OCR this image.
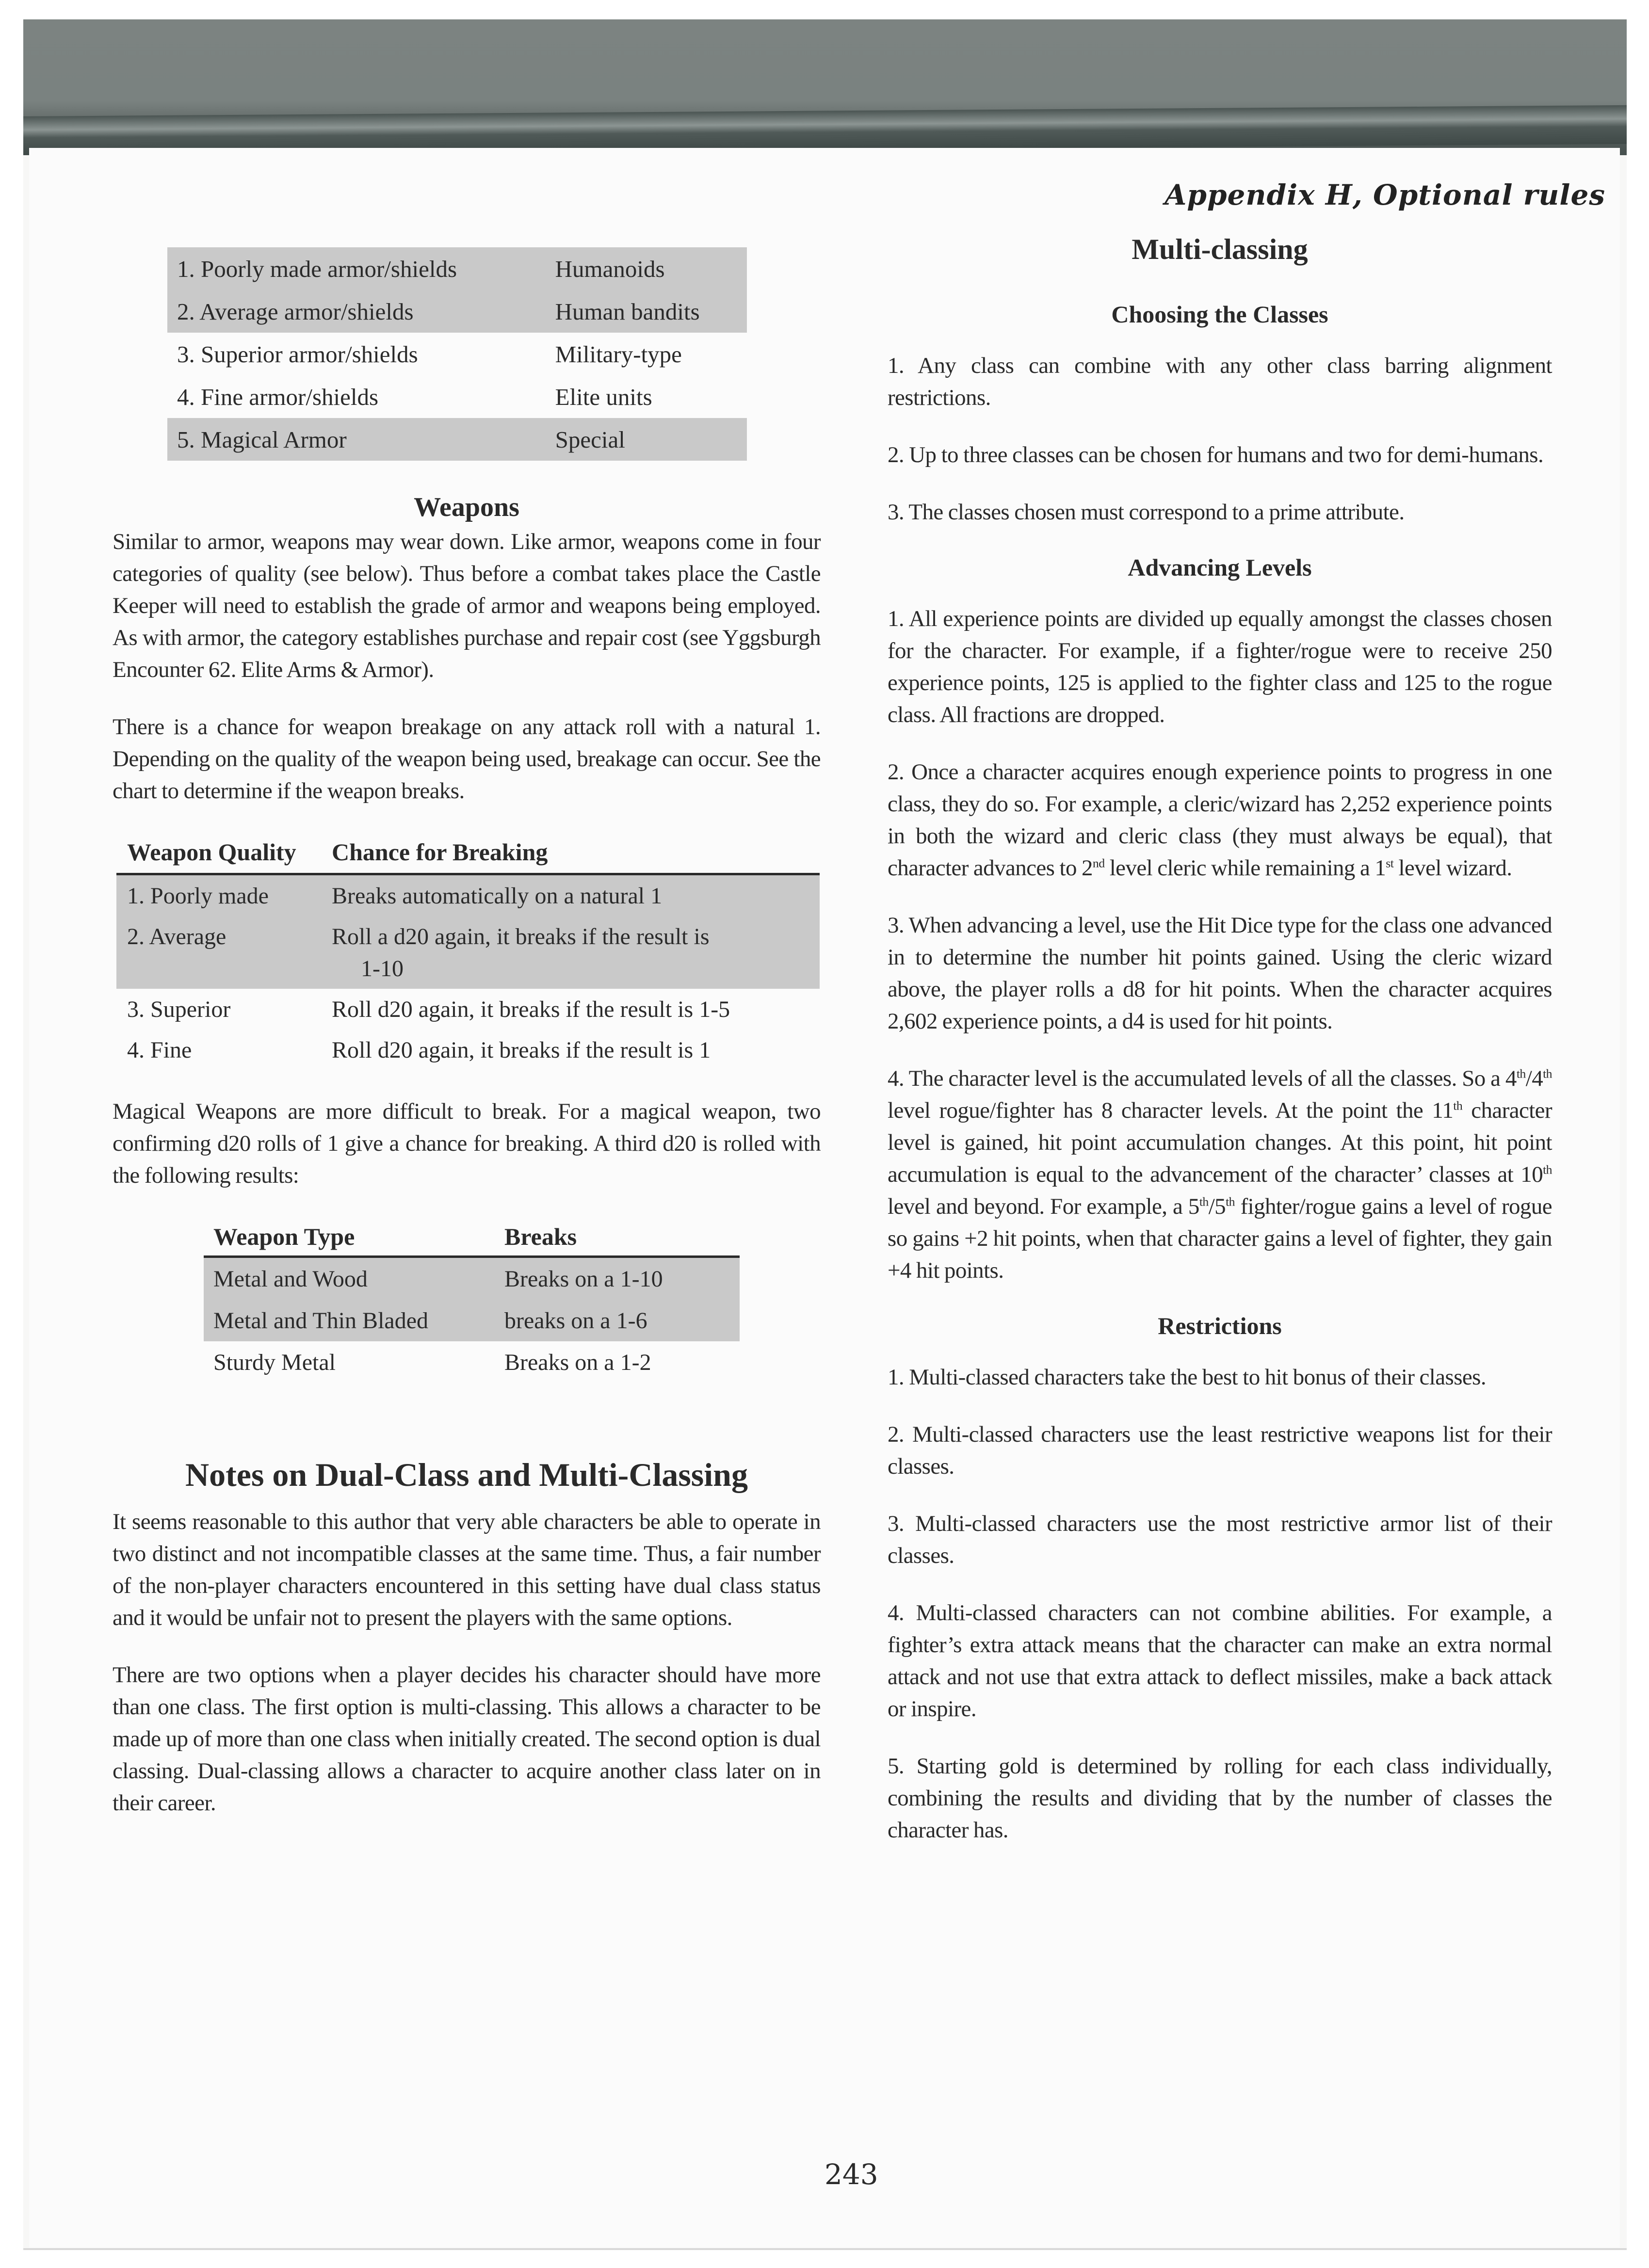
Appendix H, Optional rules
1. Poorly made armor/shields	Humanoids
2. Average armor/shields	Human bandits
3. Superior armor/shields	Military-type
4. Fine armor/shields	Elite units
5. Magical Armor	Special
Weapons

Similar to armor, weapons may wear down. Like armor, weapons come in four categories of quality (see below). Thus before a combat takes place the Castle Keeper will need to establish the grade of armor and weapons being employed. As with armor, the category establishes purchase and repair cost (see Yggsburgh Encounter 62. Elite Arms & Armor).

There is a chance for weapon breakage on any attack roll with a natural 1. Depending on the quality of the weapon being used, breakage can occur. See the chart to determine if the weapon breaks.

Weapon Quality	Chance for Breaking
1. Poorly made	Breaks automatically on a natural 1
2. Average	Roll a d20 again, it breaks if the result is
1-10

3. Superior	Roll d20 again, it breaks if the result is 1-5
4. Fine	Roll d20 again, it breaks if the result is 1

Magical Weapons are more difficult to break. For a magical weapon, two confirming d20 rolls of 1 give a chance for breaking. A third d20 is rolled with the following results:

Weapon Type	Breaks
Metal and Wood	Breaks on a 1-10
Metal and Thin Bladed	breaks on a 1-6
Sturdy Metal	Breaks on a 1-2
Notes on Dual-Class and Multi-Classing

It seems reasonable to this author that very able characters be able to operate in two distinct and not incompatible classes at the same time. Thus, a fair number of the non-player characters encountered in this setting have dual class status and it would be unfair not to present the players with the same options.

There are two options when a player decides his character should have more than one class. The first option is multi-classing. This allows a character to be made up of more than one class when initially created. The second option is dual classing. Dual-classing allows a character to acquire another class later on in their career.

Multi-classing
Choosing the Classes

1. Any class can combine with any other class barring alignment restrictions.

2. Up to three classes can be chosen for humans and two for demi-humans.

3. The classes chosen must correspond to a prime attribute.

Advancing Levels

1. All experience points are divided up equally amongst the classes chosen for the character. For example, if a fighter/rogue were to receive 250 experience points, 125 is applied to the fighter class and 125 to the rogue class. All fractions are dropped.

2. Once a character acquires enough experience points to progress in one class, they do so. For example, a cleric/wizard has 2,252 experience points in both the wizard and cleric class (they must always be equal), that character advances to 2nd level cleric while remaining a 1st level wizard.

3. When advancing a level, use the Hit Dice type for the class one advanced in to determine the number hit points gained. Using the cleric wizard above, the player rolls a d8 for hit points. When the character acquires 2,602 experience points, a d4 is used for hit points.

4. The character level is the accumulated levels of all the classes. So a 4th/4th level rogue/fighter has 8 character levels. At the point the 11th character level is gained, hit point accumulation changes. At this point, hit point accumulation is equal to the advancement of the character’ classes at 10th level and beyond. For example, a 5th/5th fighter/rogue gains a level of rogue so gains +2 hit points, when that character gains a level of fighter, they gain +4 hit points.

Restrictions

1. Multi-classed characters take the best to hit bonus of their classes.

2. Multi-classed characters use the least restrictive weapons list for their classes.

3. Multi-classed characters use the most restrictive armor list of their classes.

4. Multi-classed characters can not combine abilities. For example, a fighter’s extra attack means that the character can make an extra normal attack and not use that extra attack to deflect missiles, make a back attack or inspire.

5. Starting gold is determined by rolling for each class individually, combining the results and dividing that by the number of classes the character has.

243
